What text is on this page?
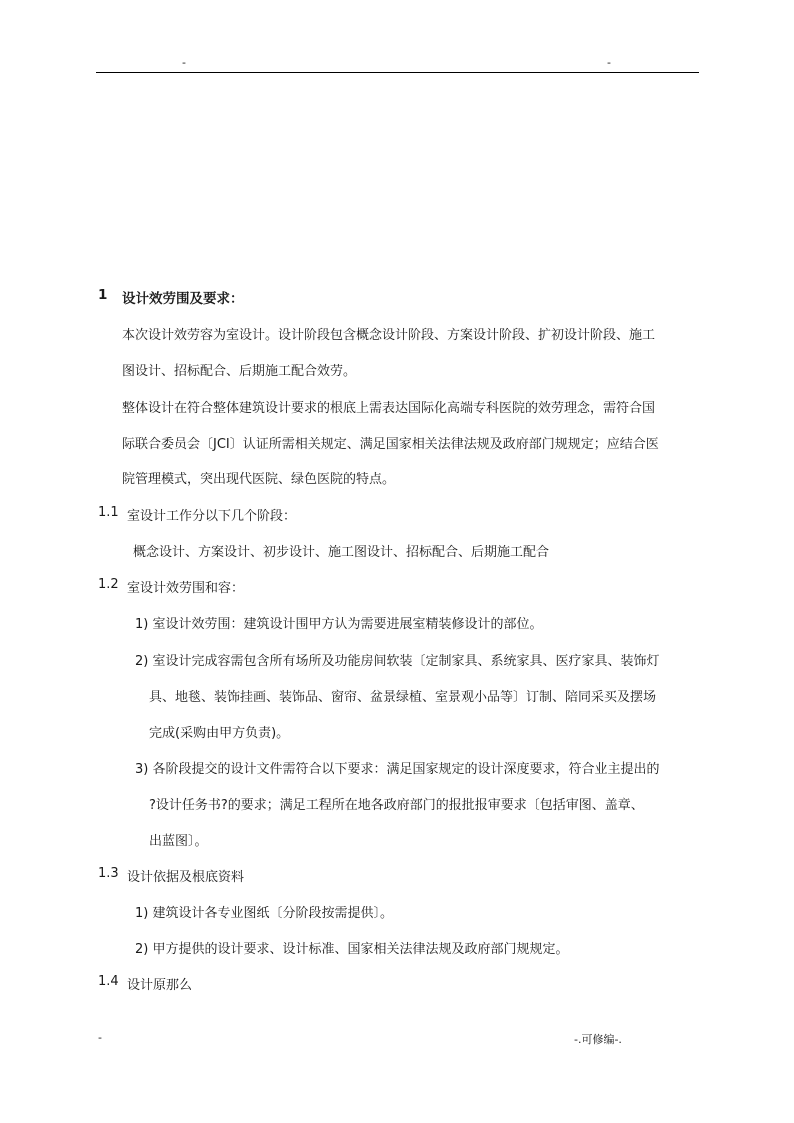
-	-
1 设计效劳围及要求：
本次设计效劳容为室设计。设计阶段包含概念设计阶段、方案设计阶段、扩初设计阶段、施工
图设计、招标配合、后期施工配合效劳。
整体设计在符合整体建筑设计要求的根底上需表达国际化高端专科医院的效劳理念，需符合国
际联合委员会〔JCI〕认证所需相关规定、满足国家相关法律法规及政府部门规规定；应结合医
院管理模式，突出现代医院、绿色医院的特点。
1.1 室设计工作分以下几个阶段：
概念设计、方案设计、初步设计、施工图设计、招标配合、后期施工配合
1.2 室设计效劳围和容：
1) 室设计效劳围：建筑设计围甲方认为需要进展室精装修设计的部位。
2) 室设计完成容需包含所有场所及功能房间软装〔定制家具、系统家具、医疗家具、装饰灯
具、地毯、装饰挂画、装饰品、窗帘、盆景绿植、室景观小品等〕订制、陪同采买及摆场
完成(采购由甲方负责)。
3) 各阶段提交的设计文件需符合以下要求：满足国家规定的设计深度要求，符合业主提出的
?设计任务书?的要求；满足工程所在地各政府部门的报批报审要求〔包括审图、盖章、
出蓝图〕。
1.3 设计依据及根底资料
1) 建筑设计各专业图纸〔分阶段按需提供〕。
2) 甲方提供的设计要求、设计标准、国家相关法律法规及政府部门规规定。
1.4 设计原那么
-	-.可修编-.
